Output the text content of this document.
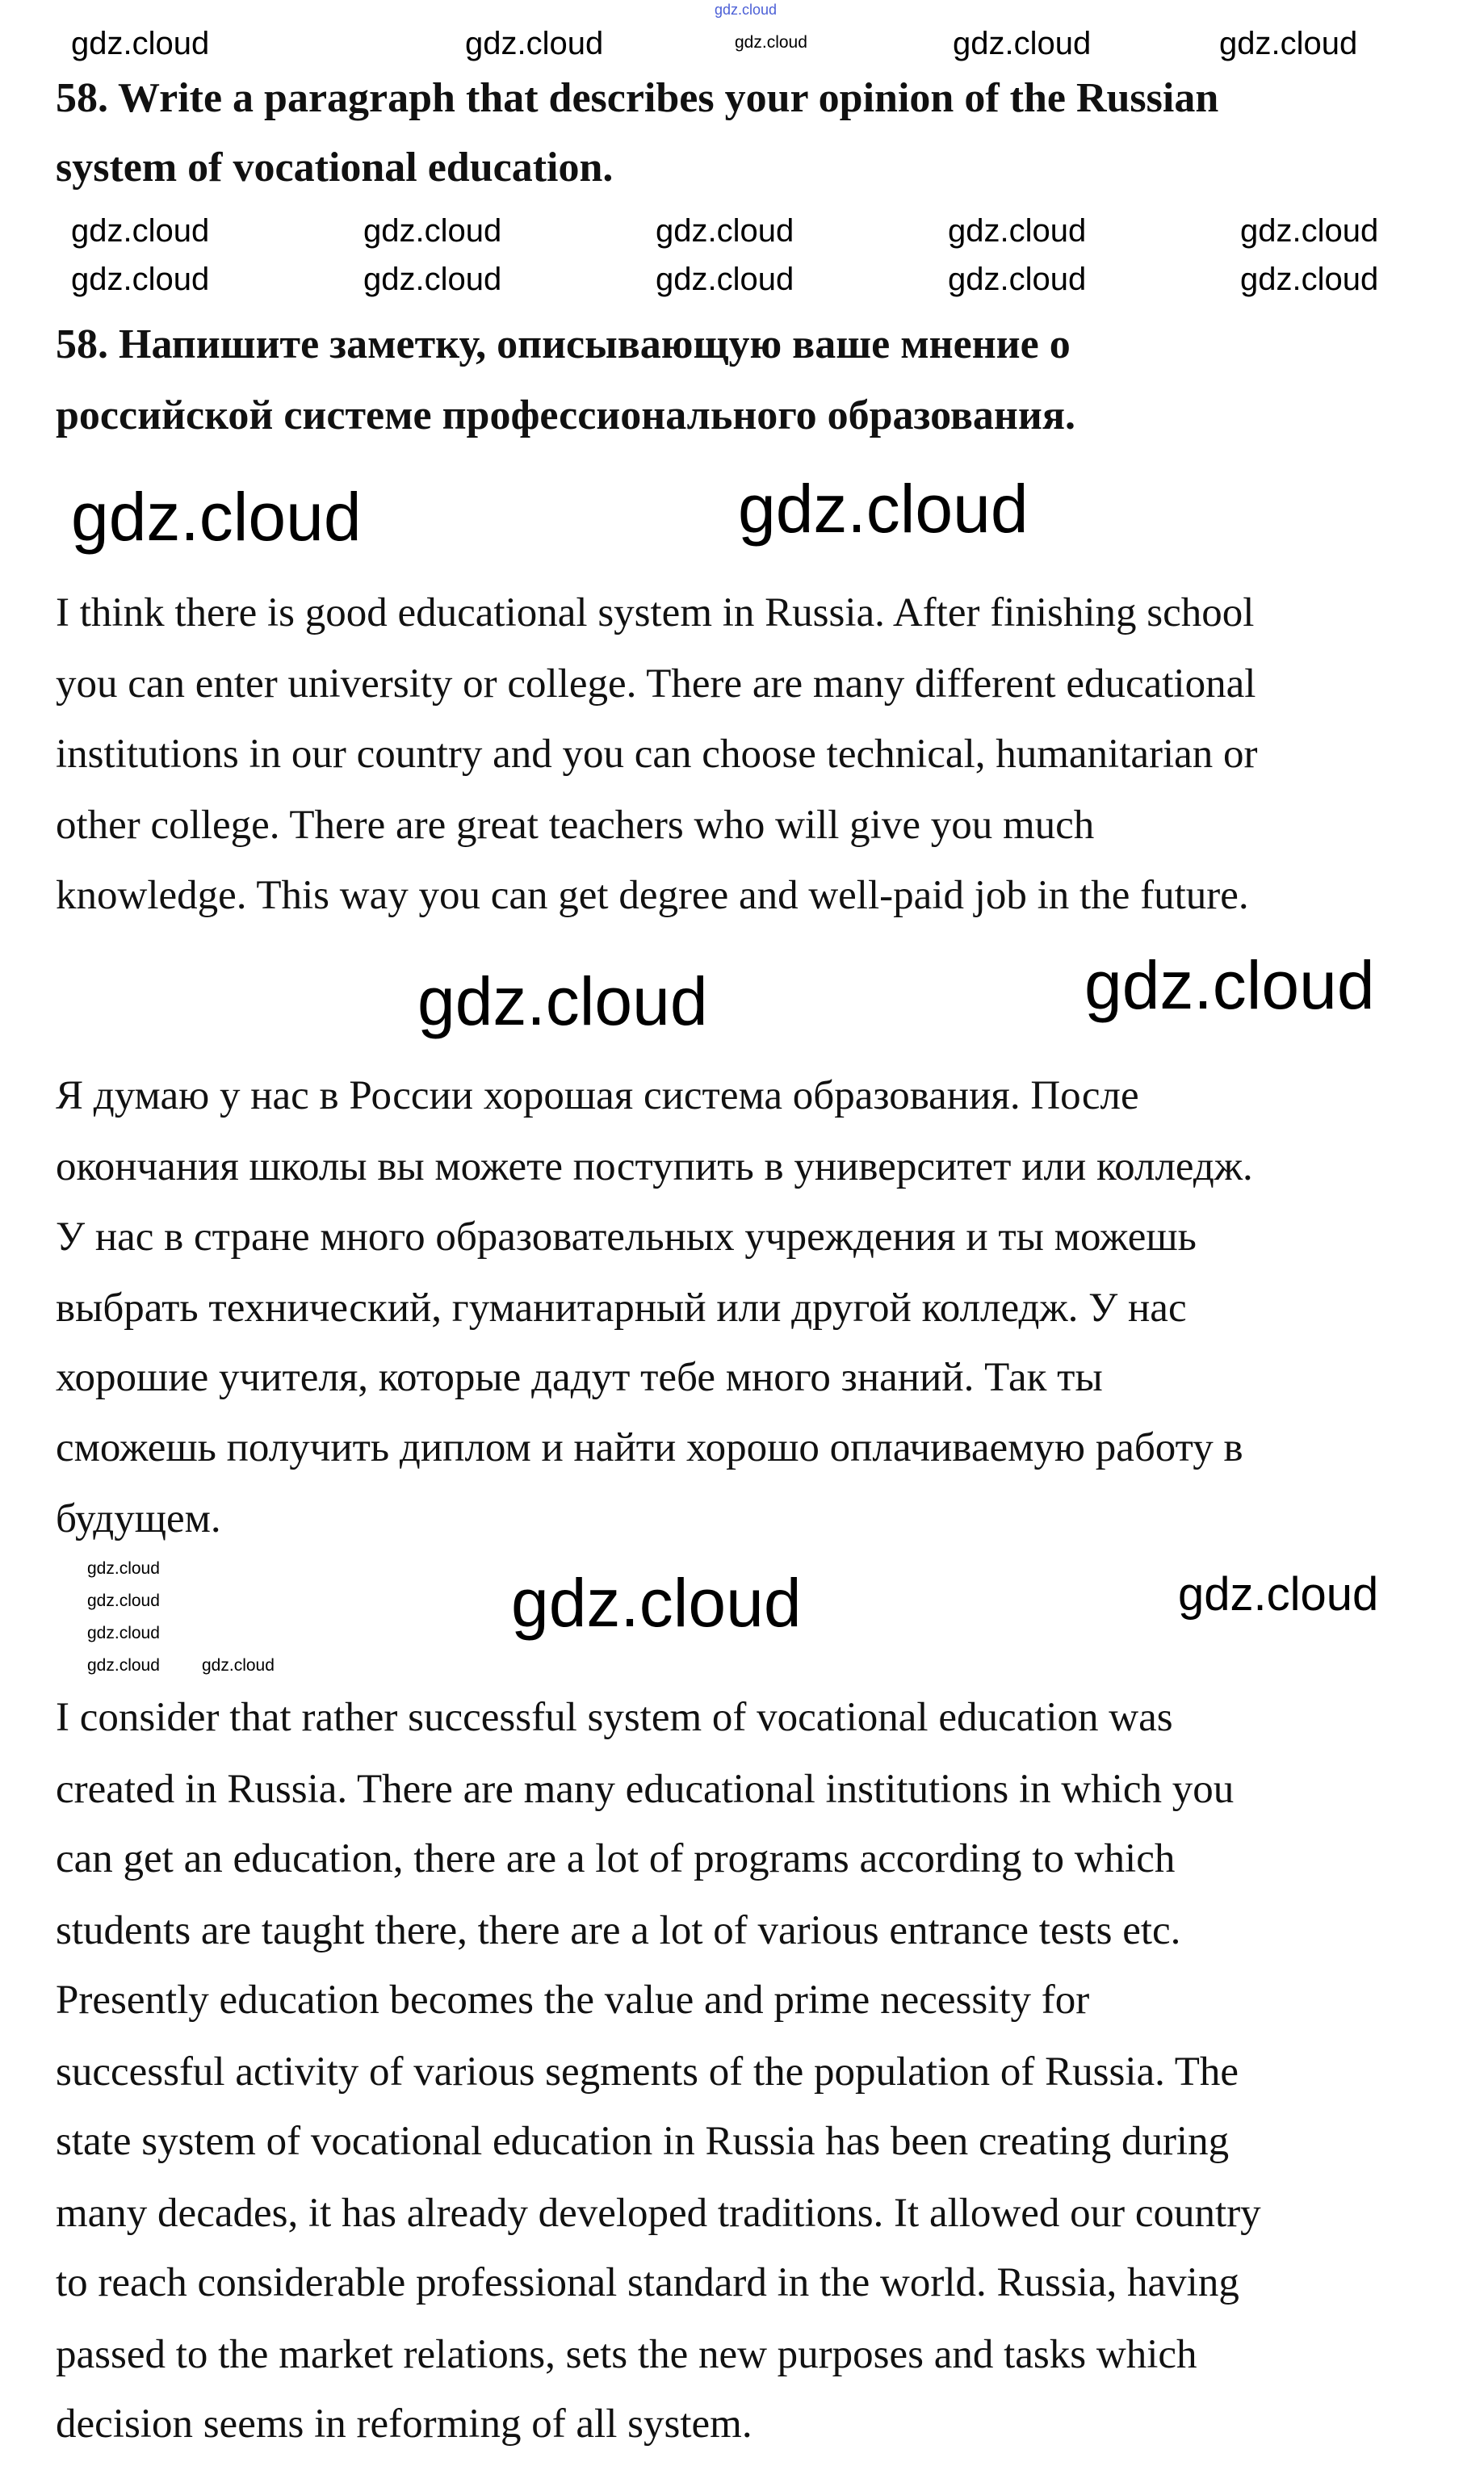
58. Write a paragraph that describes your opinion of the Russian
system of vocational education.
58. Напишите заметку, описывающую ваше мнение о
российской системе профессионального образования.
I think there is good educational system in Russia. After finishing school
you can enter university or college. There are many different educational
institutions in our country and you can choose technical, humanitarian or
other college. There are great teachers who will give you much
knowledge. This way you can get degree and well-paid job in the future.
Я думаю у нас в России хорошая система образования. После
окончания школы вы можете поступить в университет или колледж.
У нас в стране много образовательных учреждения и ты можешь
выбрать технический, гуманитарный или другой колледж. У нас
хорошие учителя, которые дадут тебе много знаний. Так ты
сможешь получить диплом и найти хорошо оплачиваемую работу в
будущем.
I consider that rather successful system of vocational education was
created in Russia. There are many educational institutions in which you
can get an education, there are a lot of programs according to which
students are taught there, there are a lot of various entrance tests etc.
Presently education becomes the value and prime necessity for
successful activity of various segments of the population of Russia. The
state system of vocational education in Russia has been creating during
many decades, it has already developed traditions. It allowed our country
to reach considerable professional standard in the world. Russia, having
passed to the market relations, sets the new purposes and tasks which
decision seems in reforming of all system.
gdz.cloud
gdz.cloud	gdz.cloud	gdz.cloud	gdz.cloud	gdz.cloud
gdz.cloud	gdz.cloud
gdz.cloud
gdz.cloud
gdz.cloud	gdz.cloud
gdz.cloud
gdz.cloud
gdz.cloud
gdz.cloud gdz.cloud
gdz.cloud	gdz.cloud	gdz.cloud	gdz.cloud	gdz.cloud
gdz.cloud	gdz.cloud	gdz.cloud	gdz.cloud	gdz.cloud
